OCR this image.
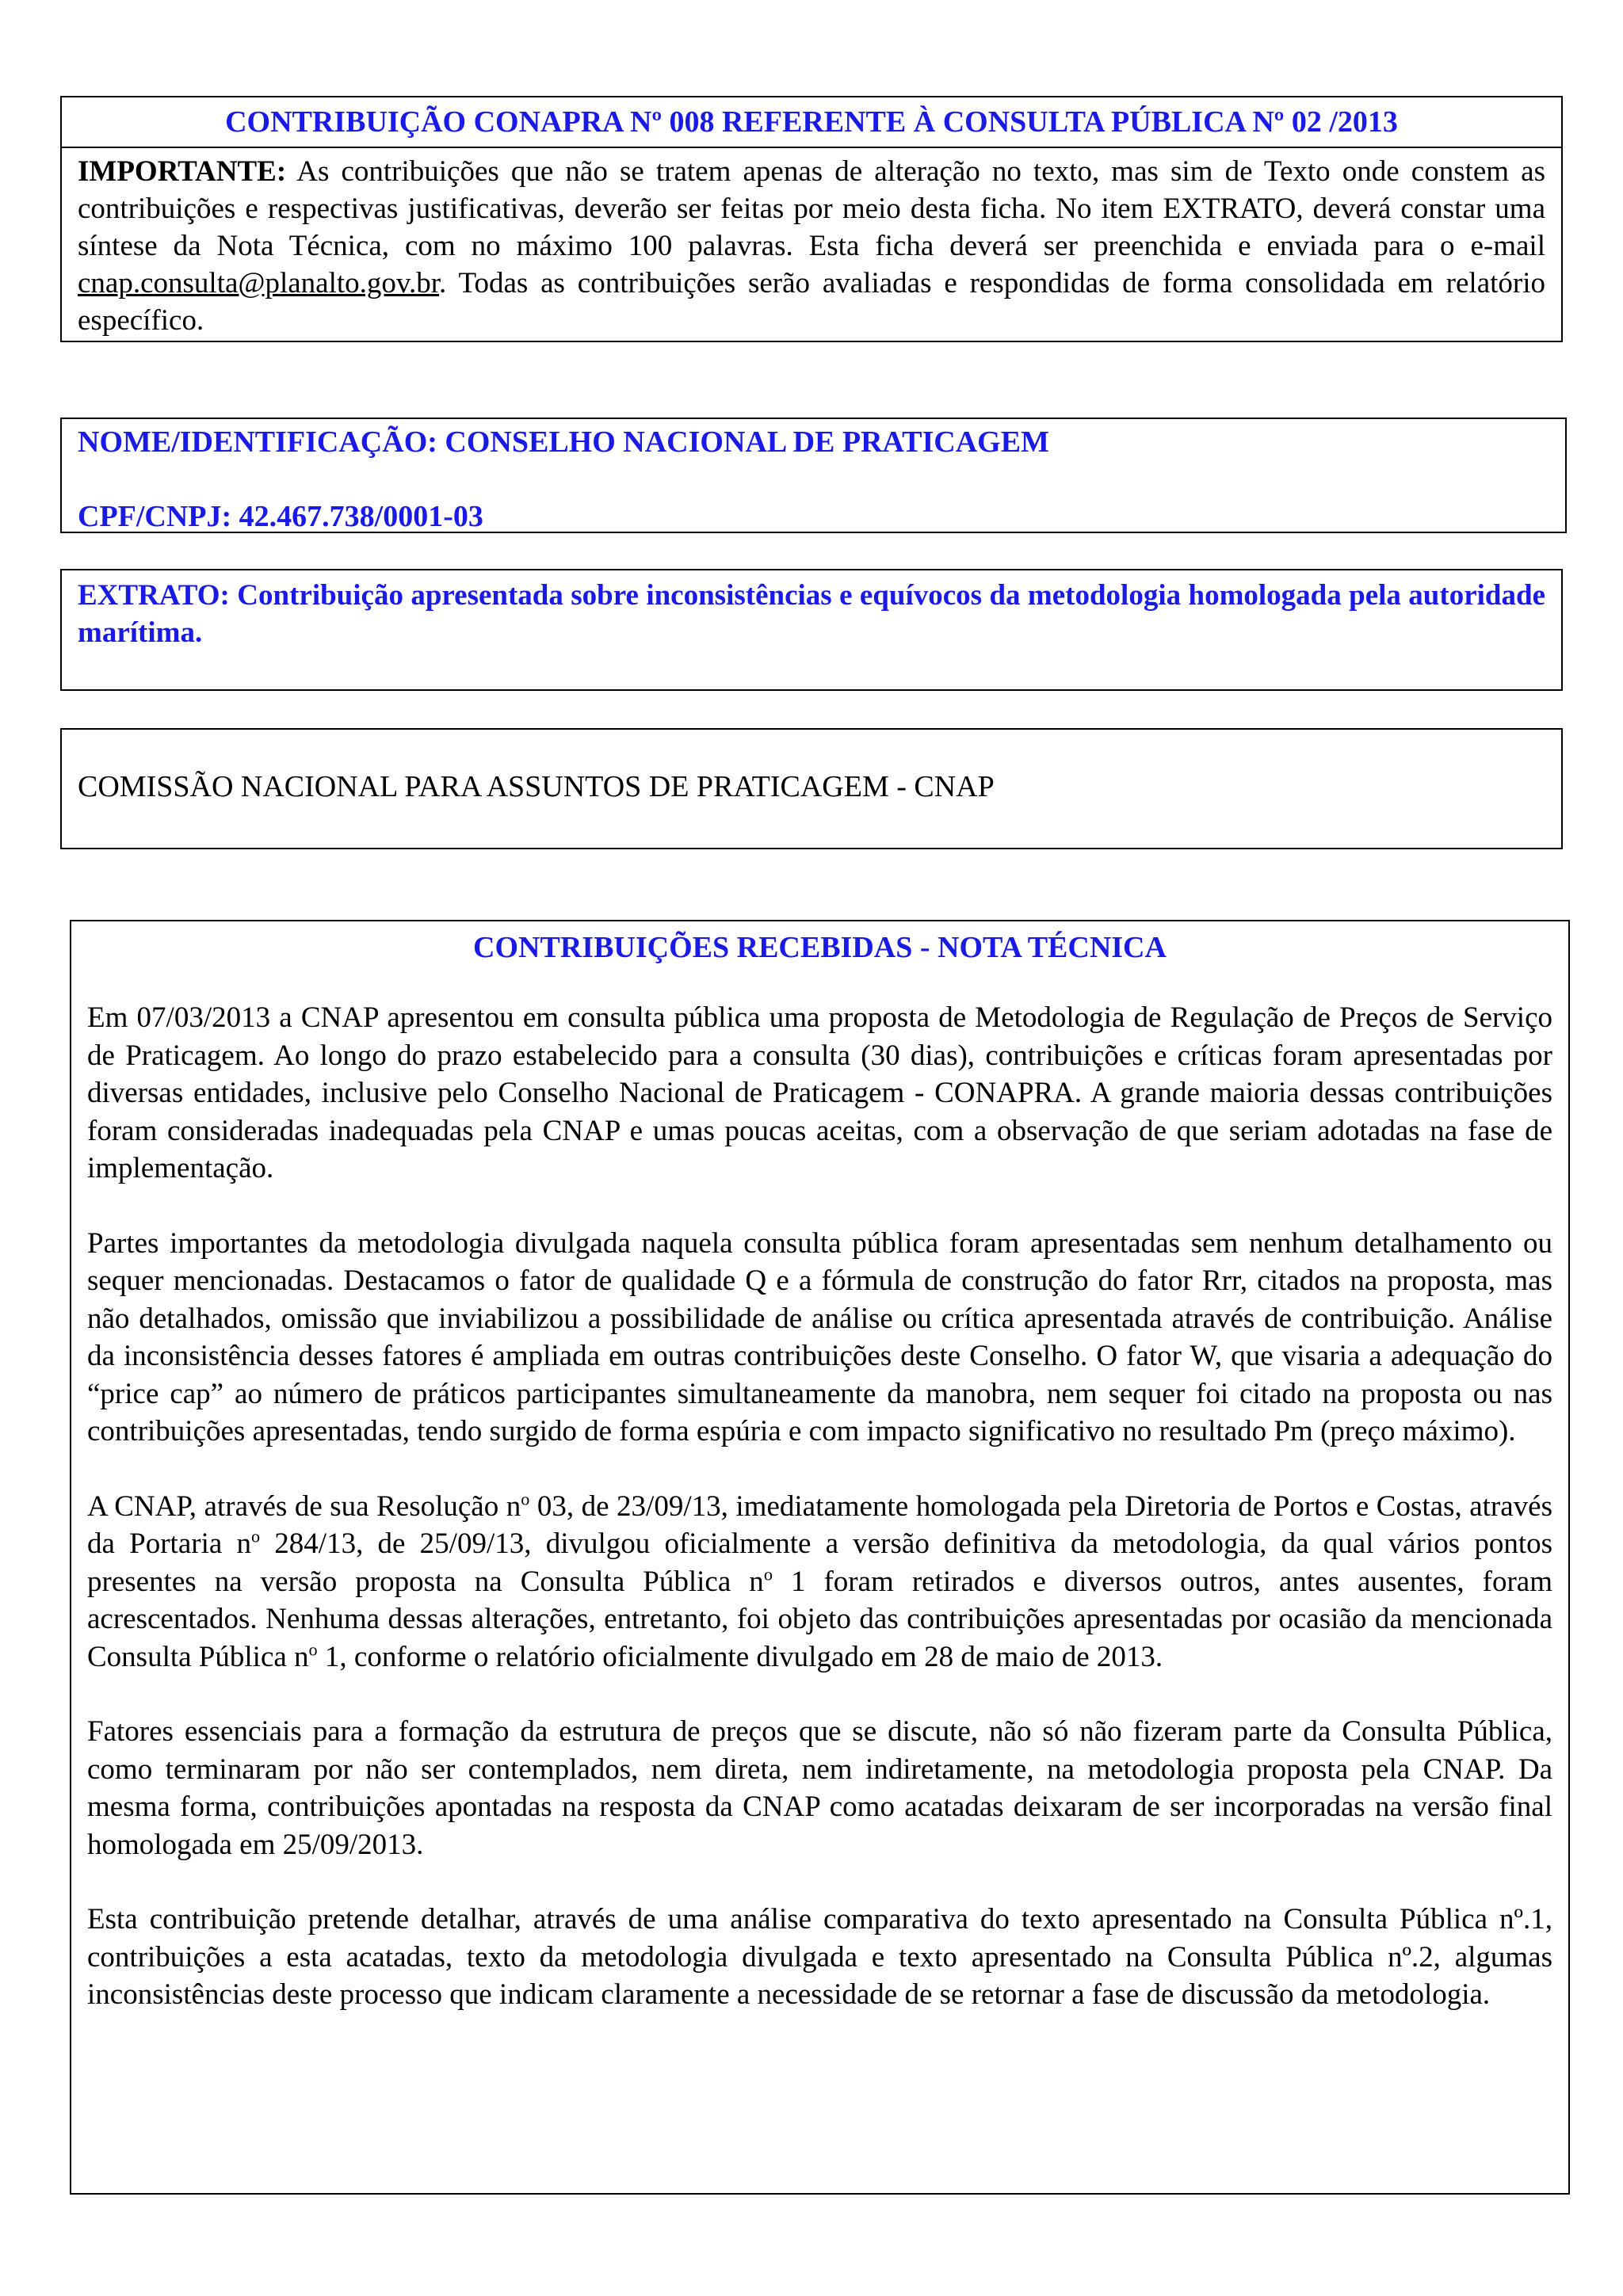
CONTRIBUIÇÃO CONAPRA Nº 008 REFERENTE À CONSULTA PÚBLICA Nº 02 /2013
IMPORTANTE: As contribuições que não se tratem apenas de alteração no texto, mas sim de Texto onde constem as contribuições e respectivas justificativas, deverão ser feitas por meio desta ficha. No item EXTRATO, deverá constar uma síntese da Nota Técnica, com no máximo 100 palavras. Esta ficha deverá ser preenchida e enviada para o e-mail cnap.consulta@planalto.gov.br. Todas as contribuições serão avaliadas e respondidas de forma consolidada em relatório específico.
NOME/IDENTIFICAÇÃO: CONSELHO NACIONAL DE PRATICAGEM
CPF/CNPJ: 42.467.738/0001-03

EXTRATO: Contribuição apresentada sobre inconsistências e equívocos da metodologia homologada pela autoridade marítima.

COMISSÃO NACIONAL PARA ASSUNTOS DE PRATICAGEM - CNAP
CONTRIBUIÇÕES RECEBIDAS - NOTA TÉCNICA

Em 07/03/2013 a CNAP apresentou em consulta pública uma proposta de Metodologia de Regulação de Preços de Serviço de Praticagem. Ao longo do prazo estabelecido para a consulta (30 dias), contribuições e críticas foram apresentadas por diversas entidades, inclusive pelo Conselho Nacional de Praticagem - CONAPRA. A grande maioria dessas contribuições foram consideradas inadequadas pela CNAP e umas poucas aceitas, com a observação de que seriam adotadas na fase de implementação.

Partes importantes da metodologia divulgada naquela consulta pública foram apresentadas sem nenhum detalhamento ou sequer mencionadas. Destacamos o fator de qualidade Q e a fórmula de construção do fator Rrr, citados na proposta, mas não detalhados, omissão que inviabilizou a possibilidade de análise ou crítica apresentada através de contribuição. Análise da inconsistência desses fatores é ampliada em outras contribuições deste Conselho. O fator W, que visaria a adequação do “price cap” ao número de práticos participantes simultaneamente da manobra, nem sequer foi citado na proposta ou nas contribuições apresentadas, tendo surgido de forma espúria e com impacto significativo no resultado Pm (preço máximo).

A CNAP, através de sua Resolução $n^o$ 03, de 23/09/13, imediatamente homologada pela Diretoria de Portos e Costas, através da Portaria $n^o$ 284/13, de 25/09/13, divulgou oficialmente a versão definitiva da metodologia, da qual vários pontos presentes na versão proposta na Consulta Pública $n^o$ 1 foram retirados e diversos outros, antes ausentes, foram acrescentados. Nenhuma dessas alterações, entretanto, foi objeto das contribuições apresentadas por ocasião da mencionada Consulta Pública $n^o$ 1, conforme o relatório oficialmente divulgado em 28 de maio de 2013.

Fatores essenciais para a formação da estrutura de preços que se discute, não só não fizeram parte da Consulta Pública, como terminaram por não ser contemplados, nem direta, nem indiretamente, na metodologia proposta pela CNAP. Da mesma forma, contribuições apontadas na resposta da CNAP como acatadas deixaram de ser incorporadas na versão final homologada em 25/09/2013.

Esta contribuição pretende detalhar, através de uma análise comparativa do texto apresentado na Consulta Pública nº.1, contribuições a esta acatadas, texto da metodologia divulgada e texto apresentado na Consulta Pública nº.2, algumas inconsistências deste processo que indicam claramente a necessidade de se retornar a fase de discussão da metodologia.
